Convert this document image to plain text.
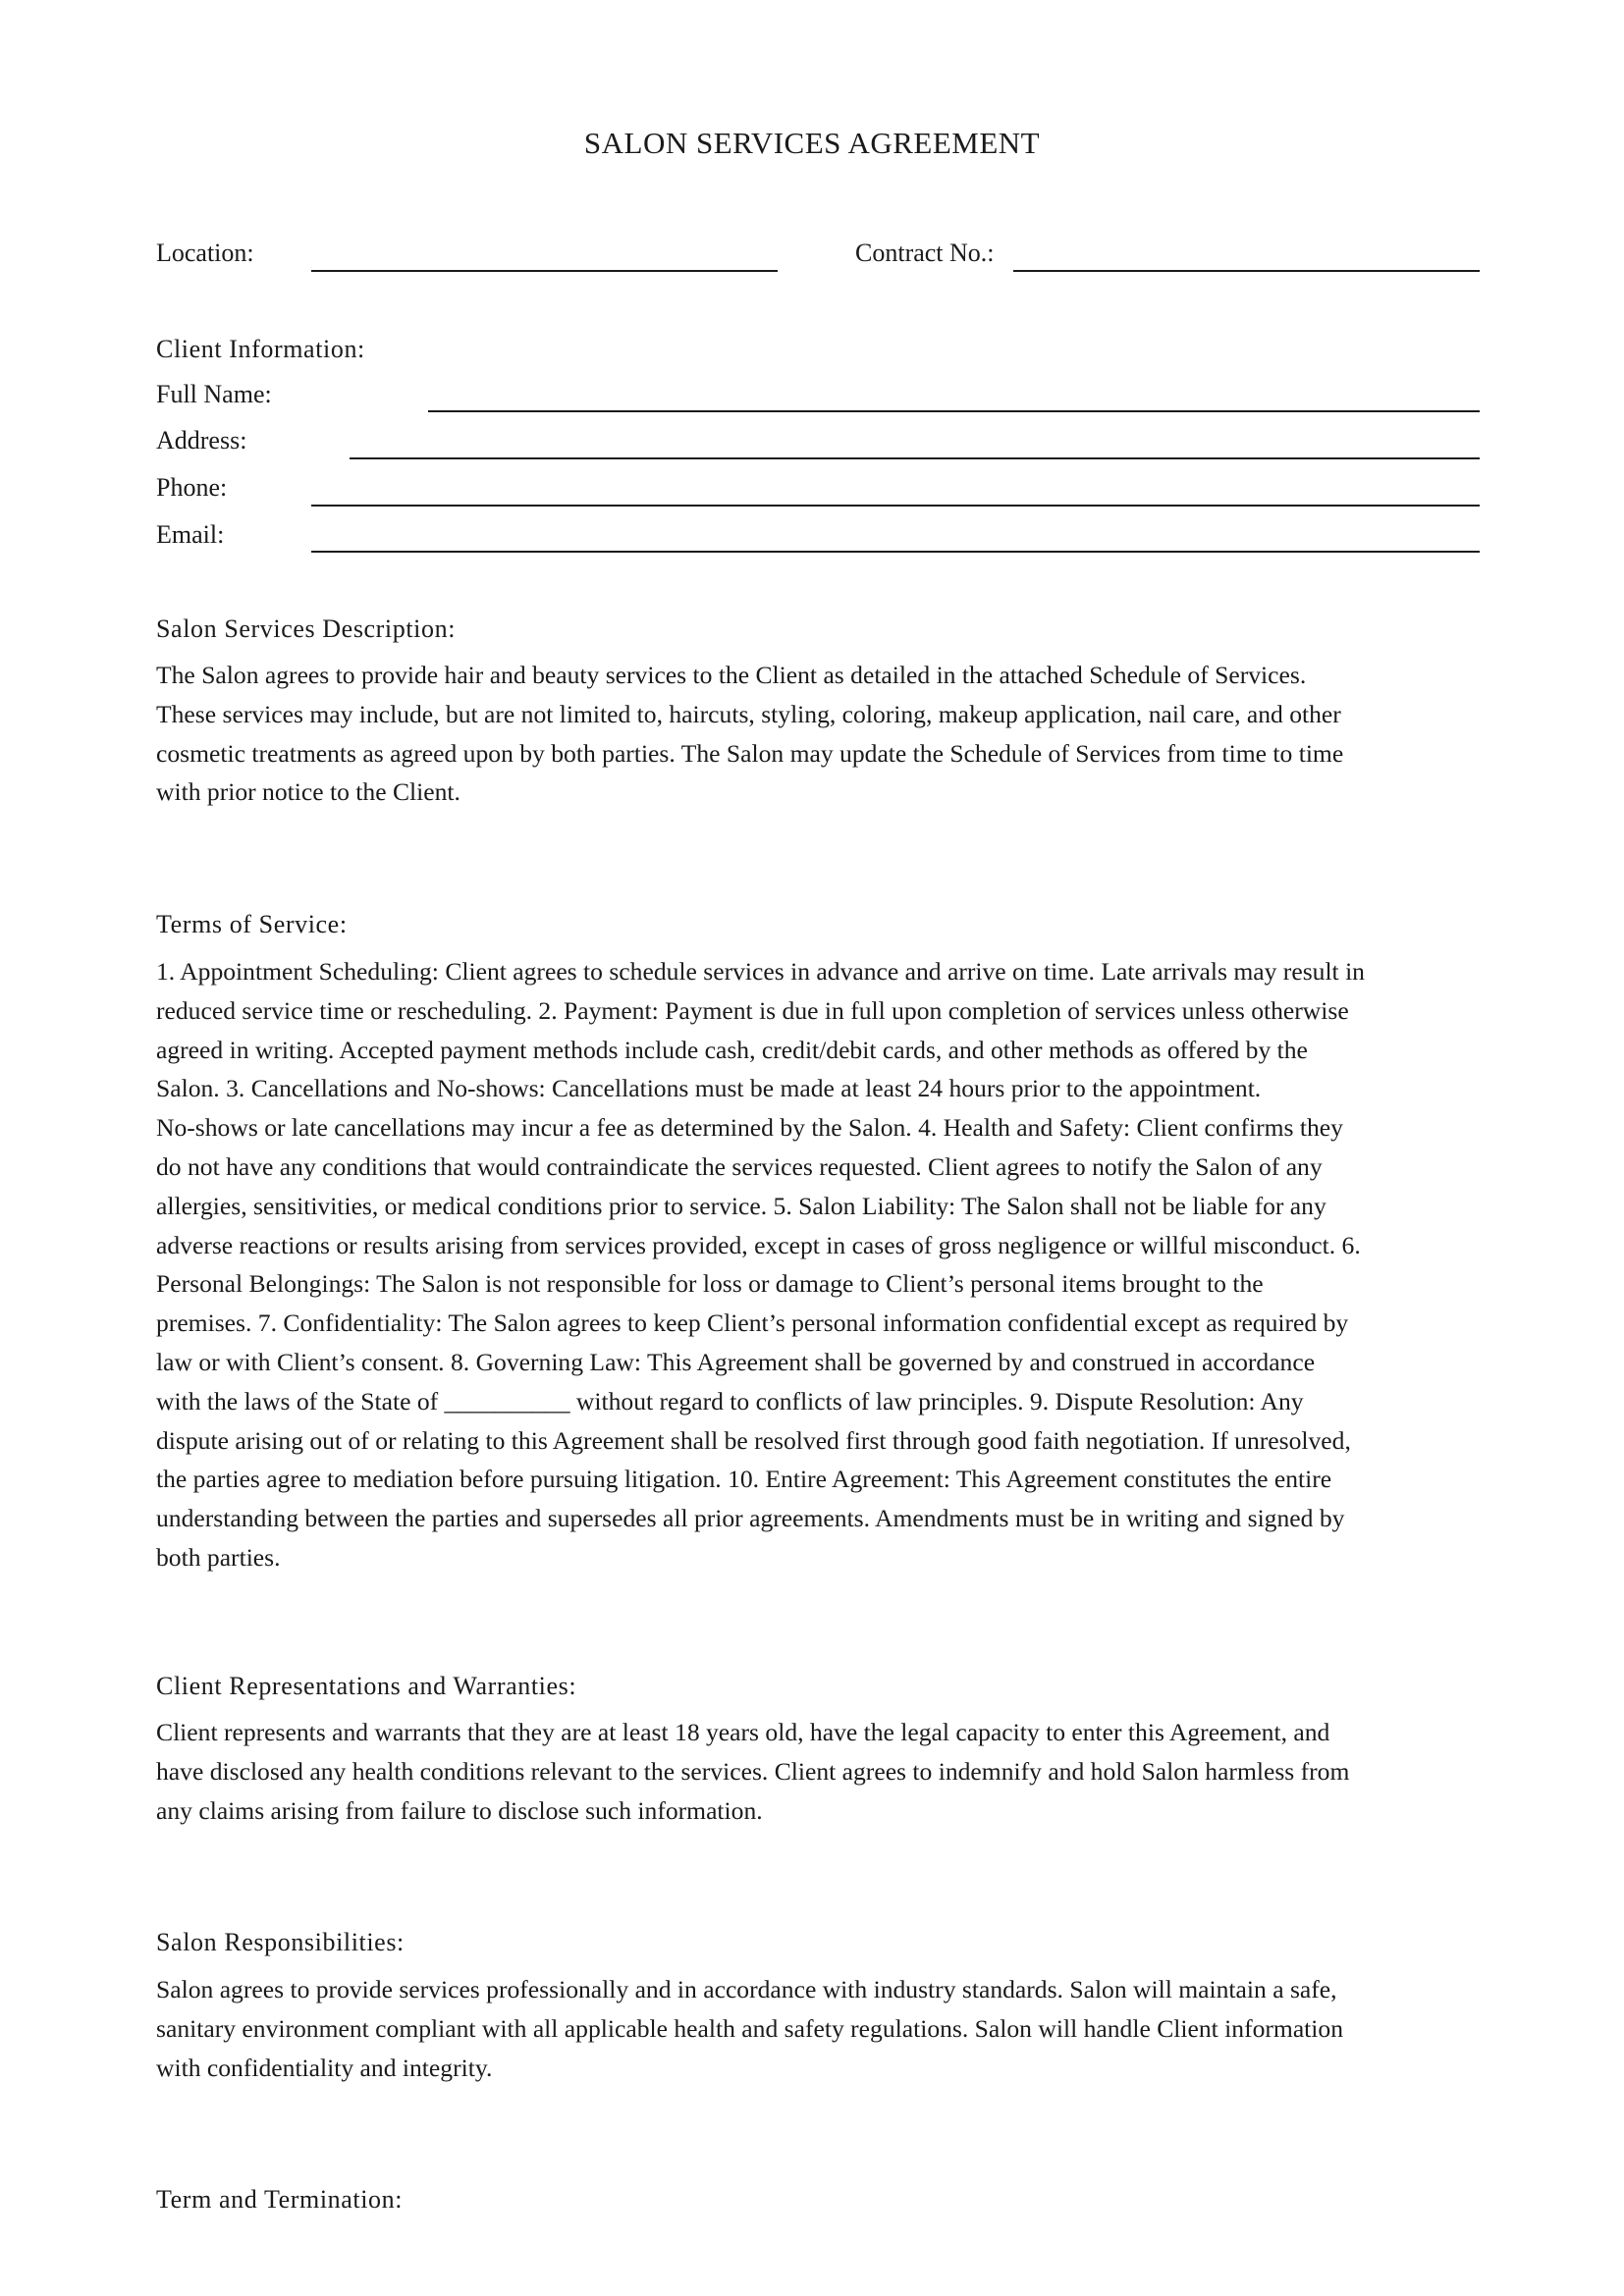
SALON SERVICES AGREEMENT
Location:	Contract No.:
Client Information:
Full Name:
Address:
Phone:
Email:
Salon Services Description:
The Salon agrees to provide hair and beauty services to the Client as detailed in the attached Schedule of Services.
These services may include, but are not limited to, haircuts, styling, coloring, makeup application, nail care, and other
cosmetic treatments as agreed upon by both parties. The Salon may update the Schedule of Services from time to time
with prior notice to the Client.
Terms of Service:
1. Appointment Scheduling: Client agrees to schedule services in advance and arrive on time. Late arrivals may result in
reduced service time or rescheduling. 2. Payment: Payment is due in full upon completion of services unless otherwise
agreed in writing. Accepted payment methods include cash, credit/debit cards, and other methods as offered by the
Salon. 3. Cancellations and No-shows: Cancellations must be made at least 24 hours prior to the appointment.
No-shows or late cancellations may incur a fee as determined by the Salon. 4. Health and Safety: Client confirms they
do not have any conditions that would contraindicate the services requested. Client agrees to notify the Salon of any
allergies, sensitivities, or medical conditions prior to service. 5. Salon Liability: The Salon shall not be liable for any
adverse reactions or results arising from services provided, except in cases of gross negligence or willful misconduct. 6.
Personal Belongings: The Salon is not responsible for loss or damage to Client’s personal items brought to the
premises. 7. Confidentiality: The Salon agrees to keep Client’s personal information confidential except as required by
law or with Client’s consent. 8. Governing Law: This Agreement shall be governed by and construed in accordance
with the laws of the State of __________ without regard to conflicts of law principles. 9. Dispute Resolution: Any
dispute arising out of or relating to this Agreement shall be resolved first through good faith negotiation. If unresolved,
the parties agree to mediation before pursuing litigation. 10. Entire Agreement: This Agreement constitutes the entire
understanding between the parties and supersedes all prior agreements. Amendments must be in writing and signed by
both parties.
Client Representations and Warranties:
Client represents and warrants that they are at least 18 years old, have the legal capacity to enter this Agreement, and
have disclosed any health conditions relevant to the services. Client agrees to indemnify and hold Salon harmless from
any claims arising from failure to disclose such information.
Salon Responsibilities:
Salon agrees to provide services professionally and in accordance with industry standards. Salon will maintain a safe,
sanitary environment compliant with all applicable health and safety regulations. Salon will handle Client information
with confidentiality and integrity.
Term and Termination:
